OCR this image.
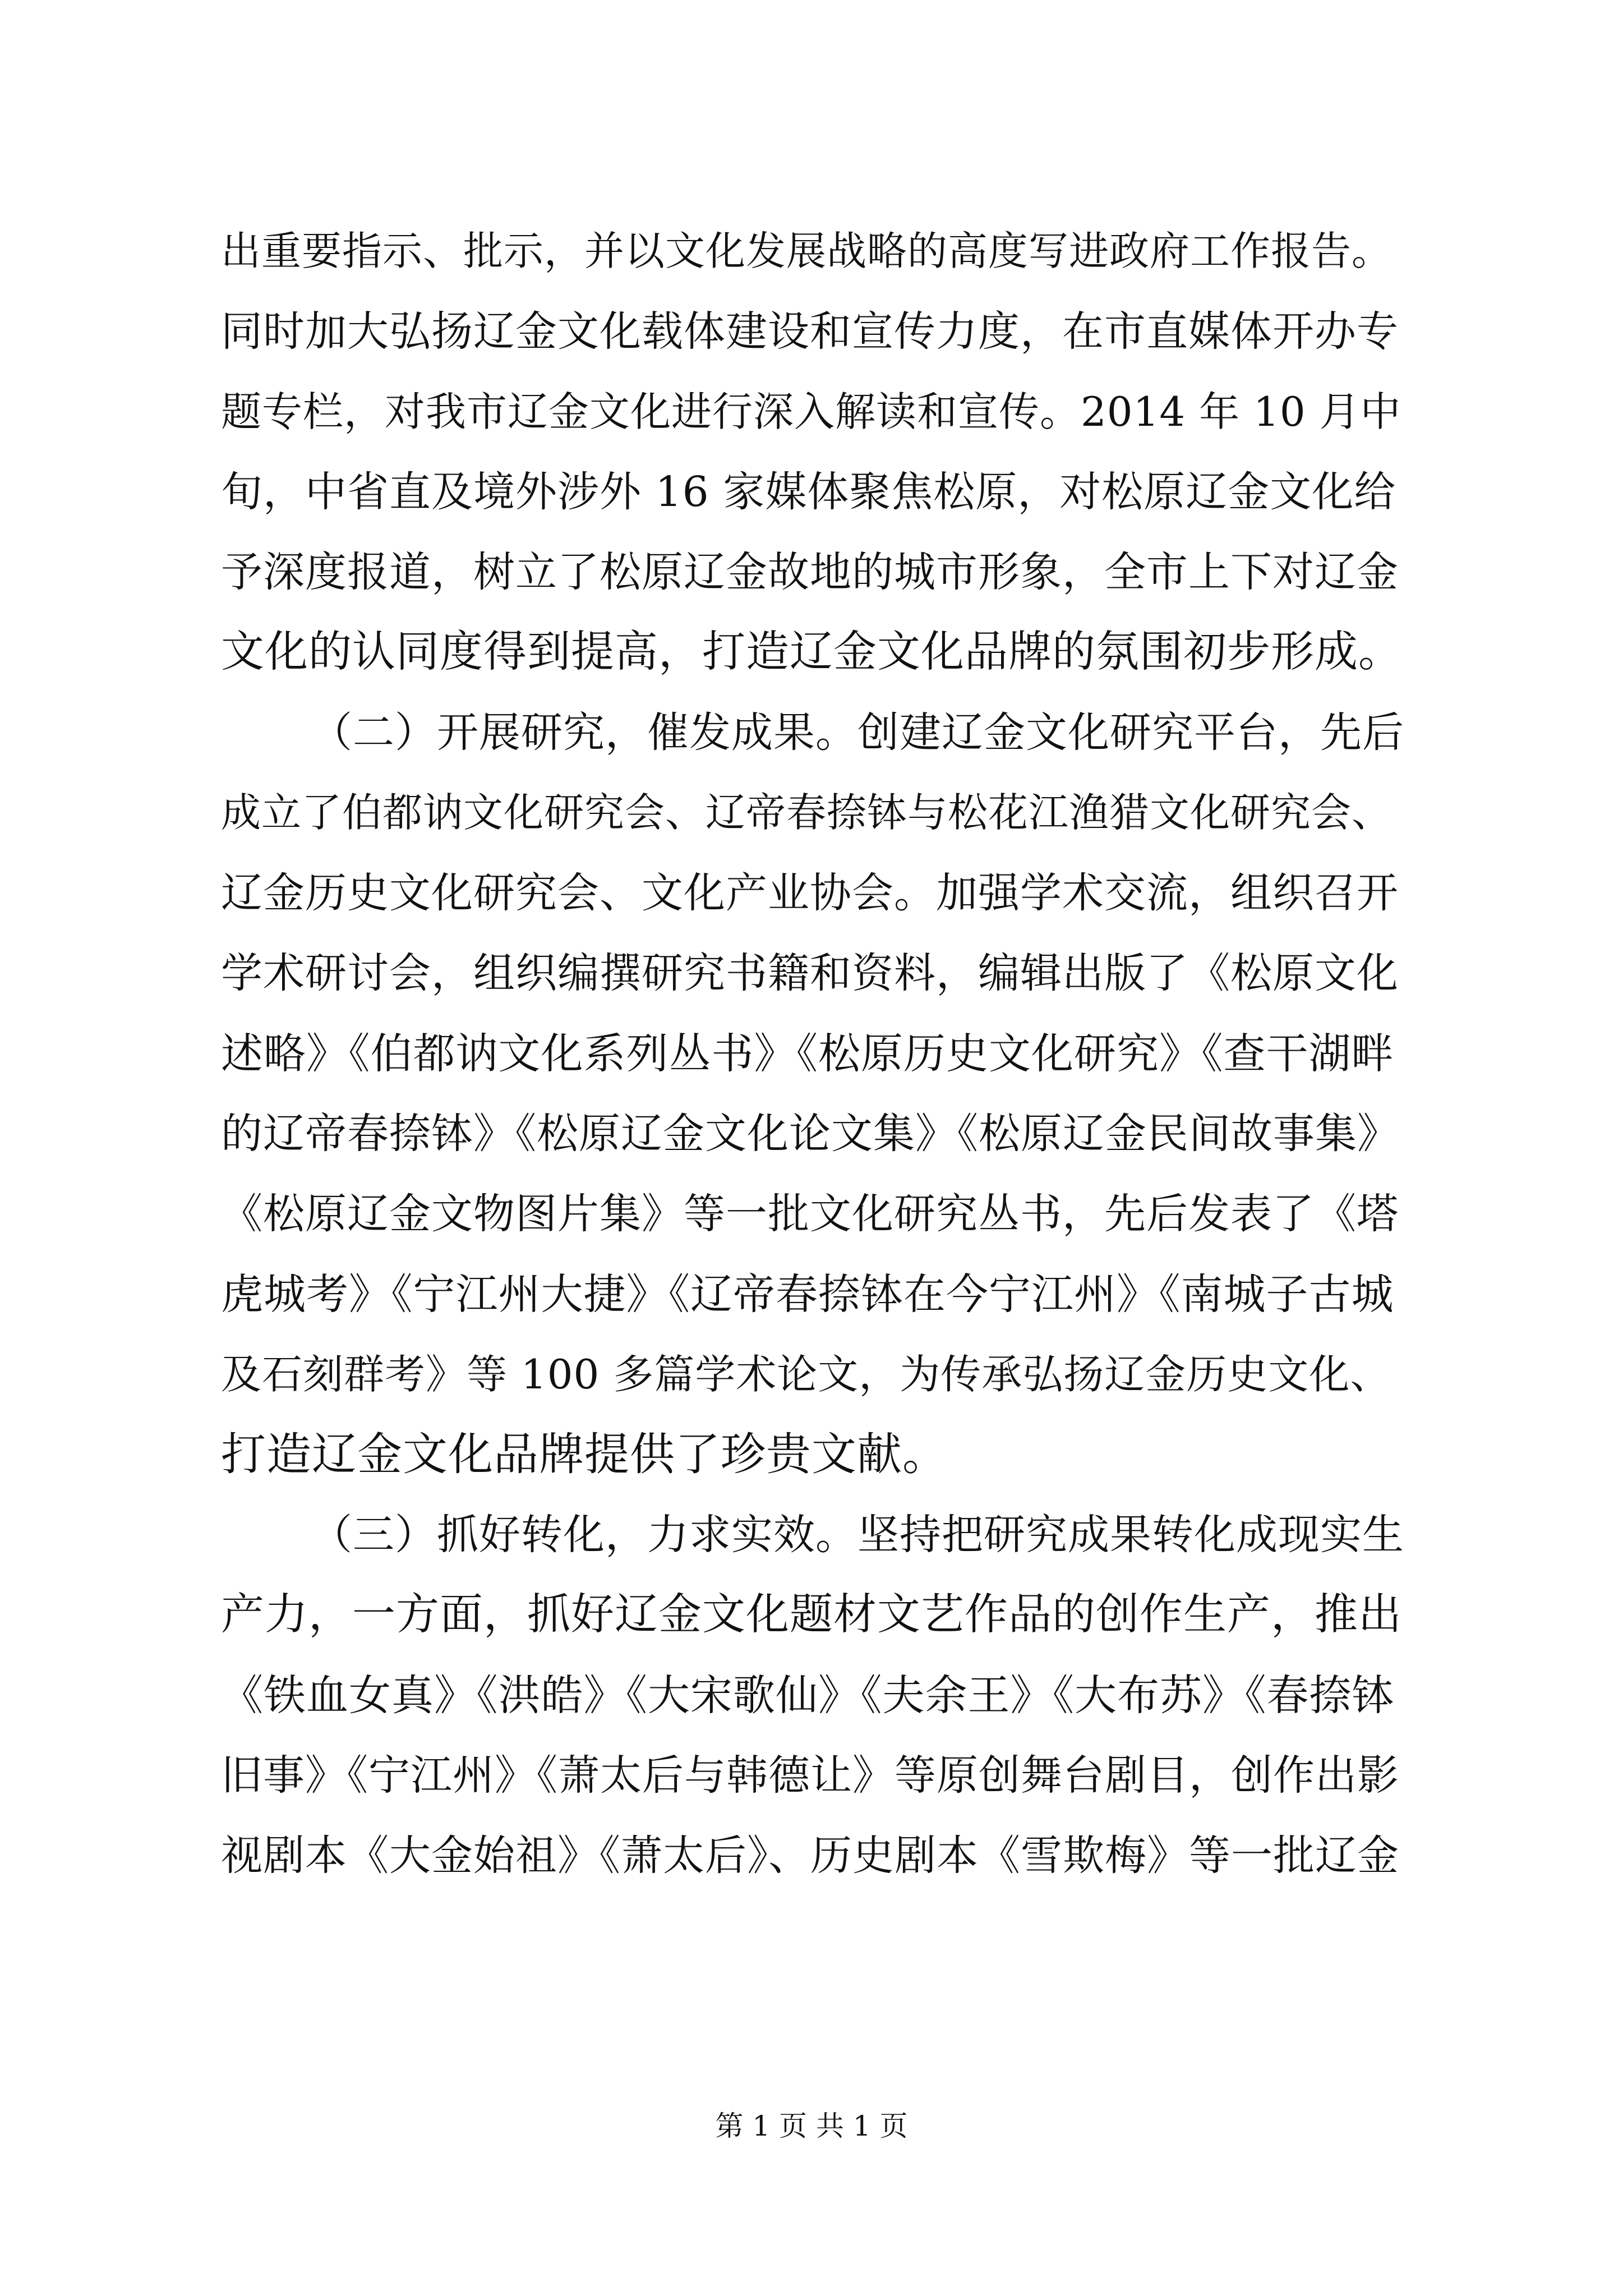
出重要指示、批示，并以文化发展战略的高度写进政府工作报告。
同时加大弘扬辽金文化载体建设和宣传力度，在市直媒体开办专
题专栏，对我市辽金文化进行深入解读和宣传。2014 年 10 月中
旬，中省直及境外涉外 16 家媒体聚焦松原，对松原辽金文化给
予深度报道，树立了松原辽金故地的城市形象，全市上下对辽金
文化的认同度得到提高，打造辽金文化品牌的氛围初步形成。
（二）开展研究，催发成果。创建辽金文化研究平台，先后
成立了伯都讷文化研究会、辽帝春捺钵与松花江渔猎文化研究会、
辽金历史文化研究会、文化产业协会。加强学术交流，组织召开
学术研讨会，组织编撰研究书籍和资料，编辑出版了《松原文化
述略》《伯都讷文化系列丛书》《松原历史文化研究》《查干湖畔
的辽帝春捺钵》《松原辽金文化论文集》《松原辽金民间故事集》
《松原辽金文物图片集》等一批文化研究丛书，先后发表了《塔
虎城考》《宁江州大捷》《辽帝春捺钵在今宁江州》《南城子古城
及石刻群考》等 100 多篇学术论文，为传承弘扬辽金历史文化、
打造辽金文化品牌提供了珍贵文献。
（三）抓好转化，力求实效。坚持把研究成果转化成现实生
产力，一方面，抓好辽金文化题材文艺作品的创作生产，推出
《铁血女真》《洪皓》《大宋歌仙》《夫余王》《大布苏》《春捺钵
旧事》《宁江州》《萧太后与韩德让》等原创舞台剧目，创作出影
视剧本《大金始祖》《萧太后》、历史剧本《雪欺梅》等一批辽金
第 1 页 共 1 页
